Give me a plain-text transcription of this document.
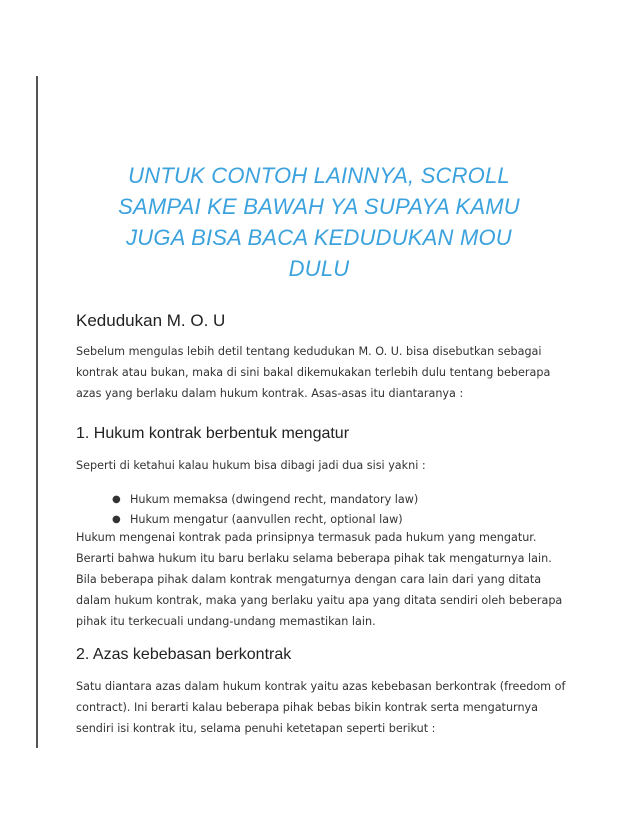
UNTUK CONTOH LAINNYA, SCROLL
SAMPAI KE BAWAH YA SUPAYA KAMU
JUGA BISA BACA KEDUDUKAN MOU
DULU
Kedudukan M. O. U
Sebelum mengulas lebih detil tentang kedudukan M. O. U. bisa disebutkan sebagai
kontrak atau bukan, maka di sini bakal dikemukakan terlebih dulu tentang beberapa
azas yang berlaku dalam hukum kontrak. Asas-asas itu diantaranya :
1. Hukum kontrak berbentuk mengatur
Seperti di ketahui kalau hukum bisa dibagi jadi dua sisi yakni :
● Hukum memaksa (dwingend recht, mandatory law)
● Hukum mengatur (aanvullen recht, optional law)
Hukum mengenai kontrak pada prinsipnya termasuk pada hukum yang mengatur.
Berarti bahwa hukum itu baru berlaku selama beberapa pihak tak mengaturnya lain.
Bila beberapa pihak dalam kontrak mengaturnya dengan cara lain dari yang ditata
dalam hukum kontrak, maka yang berlaku yaitu apa yang ditata sendiri oleh beberapa
pihak itu terkecuali undang-undang memastikan lain.
2. Azas kebebasan berkontrak
Satu diantara azas dalam hukum kontrak yaitu azas kebebasan berkontrak (freedom of
contract). Ini berarti kalau beberapa pihak bebas bikin kontrak serta mengaturnya
sendiri isi kontrak itu, selama penuhi ketetapan seperti berikut :
